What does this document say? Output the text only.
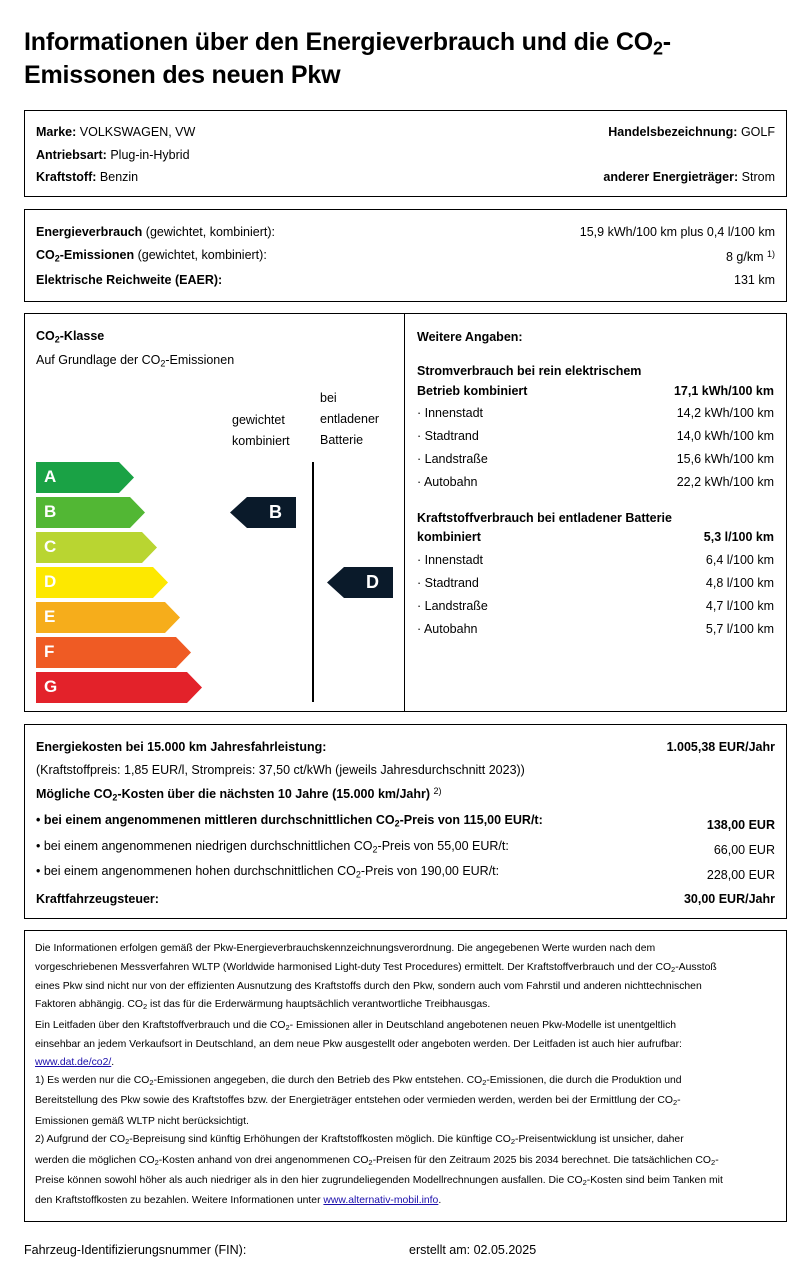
Informationen über den Energieverbrauch und die $CO_2-$
Emissonen des neuen Pkw
Marke: VOLKSWAGEN, VW	Handelsbezeichnung: GOLF
Antriebsart: Plug-in-Hybrid
Kraftstoff: Benzin	anderer Energieträger: Strom
Energieverbrauch (gewichtet, kombiniert):	15,9 kWh/100 km plus 0,4 l/100 km
$CO_2$-Emissionen (gewichtet, kombiniert):	8 g/km $^{1)}$
Elektrische Reichweite (EAER):	131 km
$CO_2$-Klasse
Auf Grundlage der $CO_2$-Emissionen
gewichtet
kombiniert
bei
entladener
Batterie
A
B
C
D
E
F
G
B
D
Weitere Angaben:
Stromverbrauch bei rein elektrischem
Betrieb kombiniert	17,1 kWh/100 km
· Innenstadt	14,2 kWh/100 km
· Stadtrand	14,0 kWh/100 km
· Landstraße	15,6 kWh/100 km
· Autobahn	22,2 kWh/100 km
Kraftstoffverbrauch bei entladener Batterie
kombiniert	5,3 l/100 km
· Innenstadt	6,4 l/100 km
· Stadtrand	4,8 l/100 km
· Landstraße	4,7 l/100 km
· Autobahn	5,7 l/100 km
Energiekosten bei 15.000 km Jahresfahrleistung:	1.005,38 EUR/Jahr
(Kraftstoffpreis: 1,85 EUR/l, Strompreis: 37,50 ct/kWh (jeweils Jahresdurchschnitt 2023))
Mögliche $CO_2$-Kosten über die nächsten 10 Jahre (15.000 km/Jahr) $^{2)}$
• bei einem angenommenen mittleren durchschnittlichen $CO_2$-Preis von 115,00 EUR/t:	138,00 EUR
• bei einem angenommenen niedrigen durchschnittlichen $CO_2$-Preis von 55,00 EUR/t:	66,00 EUR
• bei einem angenommenen hohen durchschnittlichen $CO_2$-Preis von 190,00 EUR/t:	228,00 EUR
Kraftfahrzeugsteuer:	30,00 EUR/Jahr
Die Informationen erfolgen gemäß der Pkw-Energieverbrauchskennzeichnungsverordnung. Die angegebenen Werte wurden nach dem
vorgeschriebenen Messverfahren WLTP (Worldwide harmonised Light-duty Test Procedures) ermittelt. Der Kraftstoffverbrauch und der $CO_2$-Ausstoß
eines Pkw sind nicht nur von der effizienten Ausnutzung des Kraftstoffs durch den Pkw, sondern auch vom Fahrstil und anderen nichttechnischen
Faktoren abhängig. $CO_2$ ist das für die Erderwärmung hauptsächlich verantwortliche Treibhausgas.
Ein Leitfaden über den Kraftstoffverbrauch und die $CO_2-$ Emissionen aller in Deutschland angebotenen neuen Pkw-Modelle ist unentgeltlich
einsehbar an jedem Verkaufsort in Deutschland, an dem neue Pkw ausgestellt oder angeboten werden. Der Leitfaden ist auch hier aufrufbar:
www.dat.de/co2/.
1) Es werden nur die $CO_2$-Emissionen angegeben, die durch den Betrieb des Pkw entstehen. $CO_2$-Emissionen, die durch die Produktion und
Bereitstellung des Pkw sowie des Kraftstoffes bzw. der Energieträger entstehen oder vermieden werden, werden bei der Ermittlung der $CO_2-$
Emissionen gemäß WLTP nicht berücksichtigt.
2) Aufgrund der $CO_2$-Bepreisung sind künftig Erhöhungen der Kraftstoffkosten möglich. Die künftige $CO_2$-Preisentwicklung ist unsicher, daher
werden die möglichen $CO_2$-Kosten anhand von drei angenommenen $CO_2$-Preisen für den Zeitraum 2025 bis 2034 berechnet. Die tatsächlichen $CO_2-$
Preise können sowohl höher als auch niedriger als in den hier zugrundeliegenden Modellrechnungen ausfallen. Die $CO_2$-Kosten sind beim Tanken mit
den Kraftstoffkosten zu bezahlen. Weitere Informationen unter www.alternativ-mobil.info.
Fahrzeug-Identifizierungsnummer (FIN):	erstellt am: 02.05.2025
